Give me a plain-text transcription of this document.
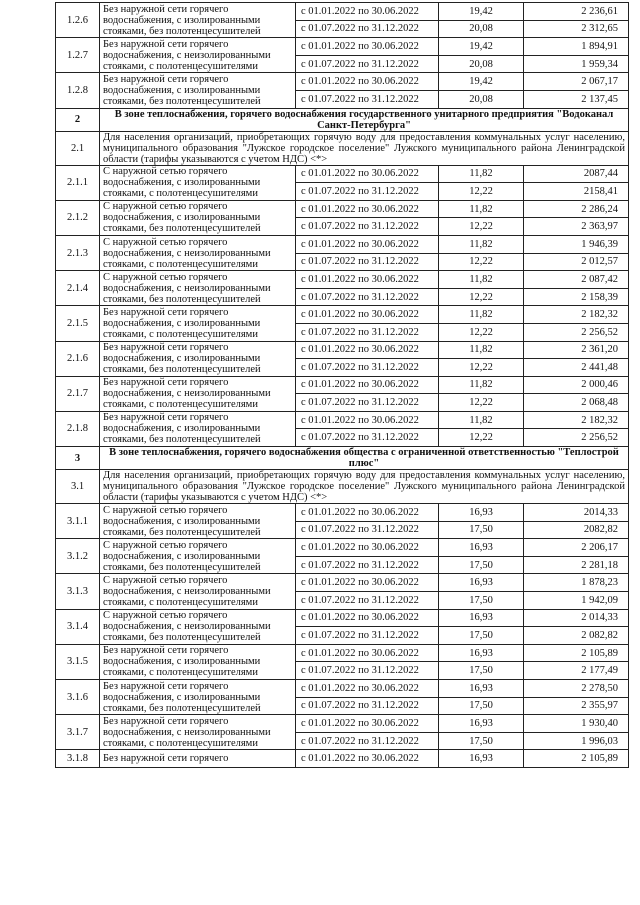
1.2.6	Без наружной сети горячего водоснабжения, с изолированными стояками, без полотенцесушителей	с 01.01.2022 по 30.06.2022	19,42	2 236,61
		с 01.07.2022 по 31.12.2022	20,08	2 312,65
1.2.7	Без наружной сети горячего водоснабжения, с неизолированными стояками, с полотенцесушителями	с 01.01.2022 по 30.06.2022	19,42	1 894,91
		с 01.07.2022 по 31.12.2022	20,08	1 959,34
1.2.8	Без наружной сети горячего водоснабжения, с изолированными стояками, без полотенцесушителей	с 01.01.2022 по 30.06.2022	19,42	2 067,17
		с 01.07.2022 по 31.12.2022	20,08	2 137,45
2	В зоне теплоснабжения, горячего водоснабжения государственного унитарного предприятия "Водоканал Санкт-Петербурга"			

2.1	Для населения организаций, приобретающих горячую воду для предоставления коммунальных услуг населению, муниципального образования "Лужское городское поселение" Лужского муниципального района Ленинградской области (тарифы указываются с учетом НДС) <*>			

2.1.1	С наружной сетью горячего водоснабжения, с изолированными стояками, с полотенцесушителями	с 01.01.2022 по 30.06.2022	11,82	2087,44
		с 01.07.2022 по 31.12.2022	12,22	2158,41
2.1.2	С наружной сетью горячего водоснабжения, с изолированными стояками, без полотенцесушителей	с 01.01.2022 по 30.06.2022	11,82	2 286,24
		с 01.07.2022 по 31.12.2022	12,22	2 363,97
2.1.3	С наружной сетью горячего водоснабжения, с неизолированными стояками, с полотенцесушителями	с 01.01.2022 по 30.06.2022	11,82	1 946,39
		с 01.07.2022 по 31.12.2022	12,22	2 012,57
2.1.4	С наружной сетью горячего водоснабжения, с неизолированными стояками, без полотенцесушителей	с 01.01.2022 по 30.06.2022	11,82	2 087,42
		с 01.07.2022 по 31.12.2022	12,22	2 158,39
2.1.5	Без наружной сети горячего водоснабжения, с изолированными стояками, с полотенцесушителями	с 01.01.2022 по 30.06.2022	11,82	2 182,32
		с 01.07.2022 по 31.12.2022	12,22	2 256,52
2.1.6	Без наружной сети горячего водоснабжения, с изолированными стояками, без полотенцесушителей	с 01.01.2022 по 30.06.2022	11,82	2 361,20
		с 01.07.2022 по 31.12.2022	12,22	2 441,48
2.1.7	Без наружной сети горячего водоснабжения, с неизолированными стояками, с полотенцесушителями	с 01.01.2022 по 30.06.2022	11,82	2 000,46
		с 01.07.2022 по 31.12.2022	12,22	2 068,48
2.1.8	Без наружной сети горячего водоснабжения, с изолированными стояками, без полотенцесушителей	с 01.01.2022 по 30.06.2022	11,82	2 182,32
		с 01.07.2022 по 31.12.2022	12,22	2 256,52
3	В зоне теплоснабжения, горячего водоснабжения общества с ограниченной ответственностью "Теплострой плюс"			

3.1	Для населения организаций, приобретающих горячую воду для предоставления коммунальных услуг населению, муниципального образования "Лужское городское поселение" Лужского муниципального района Ленинградской области (тарифы указываются с учетом НДС) <*>			

3.1.1	С наружной сетью горячего водоснабжения, с изолированными стояками, без полотенцесушителей	с 01.01.2022 по 30.06.2022	16,93	2014,33
		с 01.07.2022 по 31.12.2022	17,50	2082,82
3.1.2	С наружной сетью горячего водоснабжения, с изолированными стояками, без полотенцесушителей	с 01.01.2022 по 30.06.2022	16,93	2 206,17
		с 01.07.2022 по 31.12.2022	17,50	2 281,18
3.1.3	С наружной сетью горячего водоснабжения, с неизолированными стояками, с полотенцесушителями	с 01.01.2022 по 30.06.2022	16,93	1 878,23
		с 01.07.2022 по 31.12.2022	17,50	1 942,09
3.1.4	С наружной сетью горячего водоснабжения, с неизолированными стояками, без полотенцесушителей	с 01.01.2022 по 30.06.2022	16,93	2 014,33
		с 01.07.2022 по 31.12.2022	17,50	2 082,82
3.1.5	Без наружной сети горячего водоснабжения, с изолированными стояками, с полотенцесушителями	с 01.01.2022 по 30.06.2022	16,93	2 105,89
		с 01.07.2022 по 31.12.2022	17,50	2 177,49
3.1.6	Без наружной сети горячего водоснабжения, с изолированными стояками, без полотенцесушителей	с 01.01.2022 по 30.06.2022	16,93	2 278,50
		с 01.07.2022 по 31.12.2022	17,50	2 355,97
3.1.7	Без наружной сети горячего водоснабжения, с неизолированными стояками, с полотенцесушителями	с 01.01.2022 по 30.06.2022	16,93	1 930,40
		с 01.07.2022 по 31.12.2022	17,50	1 996,03
3.1.8	Без наружной сети горячего	с 01.01.2022 по 30.06.2022	16,93	2 105,89
